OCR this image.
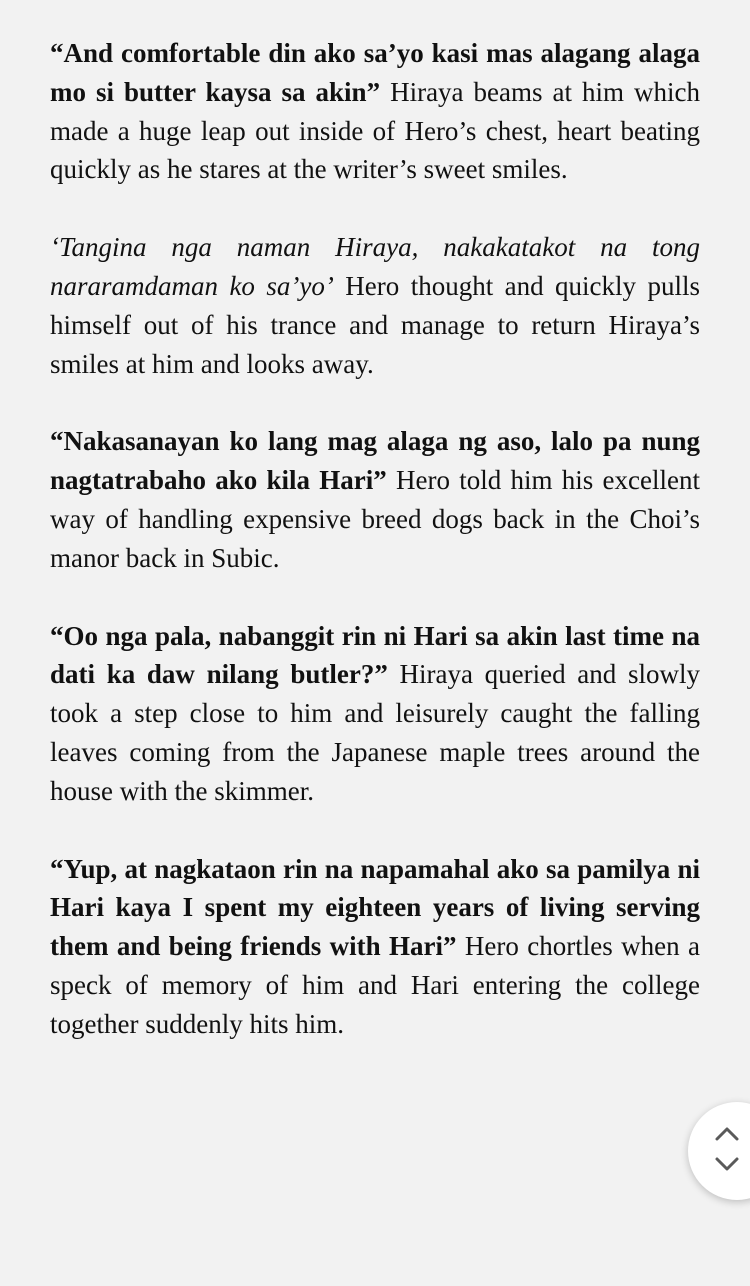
“And comfortable din ako sa’yo kasi mas alagang alaga mo si butter kaysa sa akin” Hiraya beams at him which made a huge leap out inside of Hero’s chest, heart beating quickly as he stares at the writer’s sweet smiles.

‘Tangina nga naman Hiraya, nakakatakot na tong nararamdaman ko sa’yo’ Hero thought and quickly pulls himself out of his trance and manage to return Hiraya’s smiles at him and looks away.

“Nakasanayan ko lang mag alaga ng aso, lalo pa nung nagtatrabaho ako kila Hari” Hero told him his excellent way of handling expensive breed dogs back in the Choi’s manor back in Subic.

“Oo nga pala, nabanggit rin ni Hari sa akin last time na dati ka daw nilang butler?” Hiraya queried and slowly took a step close to him and leisurely caught the falling leaves coming from the Japanese maple trees around the house with the skimmer.

“Yup, at nagkataon rin na napamahal ako sa pamilya ni Hari kaya I spent my eighteen years of living serving them and being friends with Hari” Hero chortles when a speck of memory of him and Hari entering the college together suddenly hits him.
